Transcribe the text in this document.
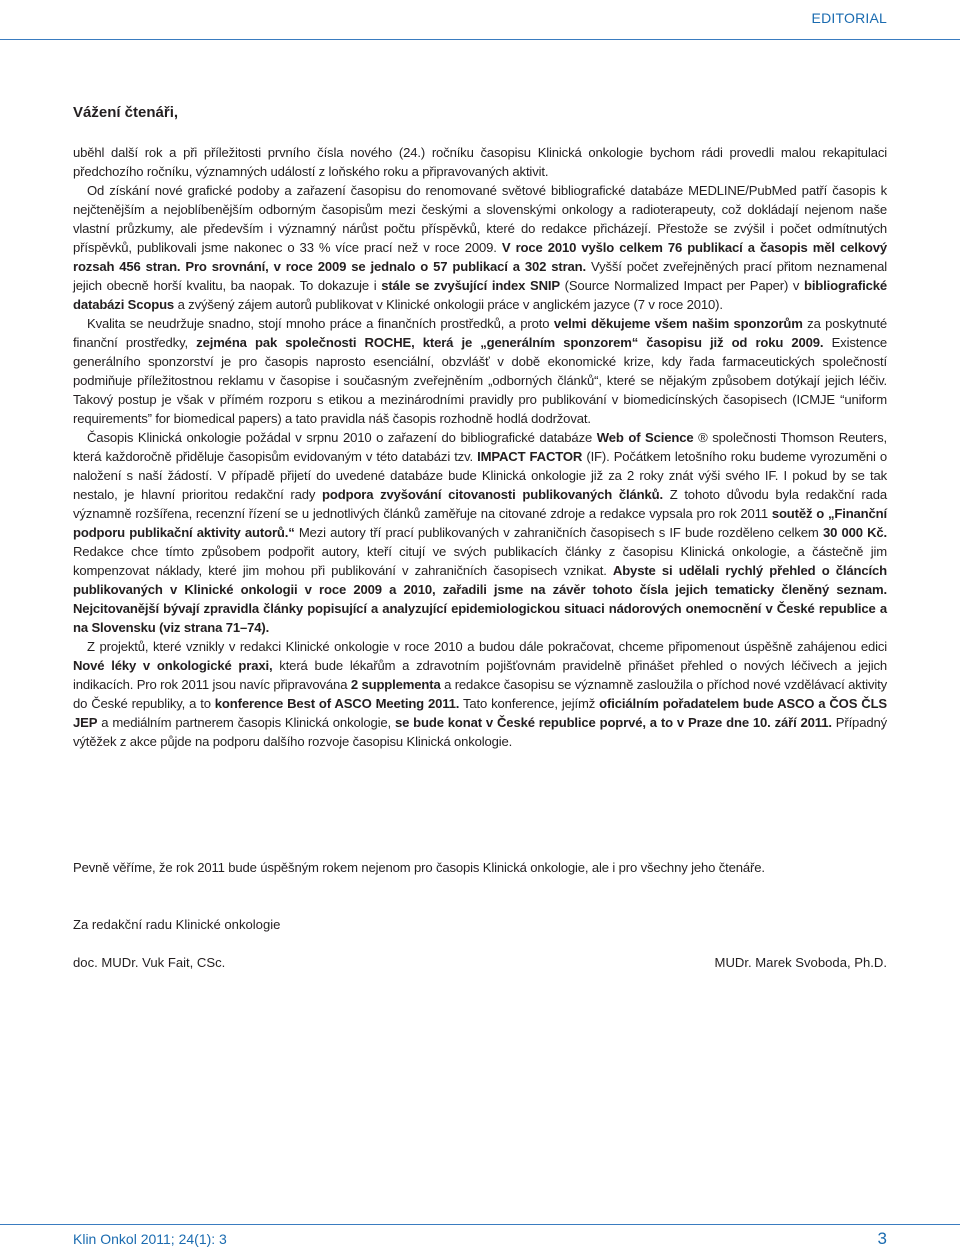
EDITORIAL
Vážení čtenáři,

uběhl další rok a při příležitosti prvního čísla nového (24.) ročníku časopisu Klinická onkologie bychom rádi provedli malou rekapitulaci předchozího ročníku, významných událostí z loňského roku a připravovaných aktivit.

Od získání nové grafické podoby a zařazení časopisu do renomované světové bibliografické databáze MEDLINE/PubMed patří časopis k nejčtenějším a nejoblíbenějším odborným časopisům mezi českými a slovenskými onkology a radioterapeuty, což dokládají nejenom naše vlastní průzkumy, ale především i významný nárůst počtu příspěvků, které do redakce přicházejí. Přestože se zvýšil i počet odmítnutých příspěvků, publikovali jsme nakonec o 33 % více prací než v roce 2009. V roce 2010 vyšlo celkem 76 publikací a časopis měl celkový rozsah 456 stran. Pro srovnání, v roce 2009 se jednalo o 57 publikací a 302 stran. Vyšší počet zveřejněných prací přitom neznamenal jejich obecně horší kvalitu, ba naopak. To dokazuje i stále se zvyšující index SNIP (Source Normalized Impact per Paper) v bibliografické databázi Scopus a zvýšený zájem autorů publikovat v Klinické onkologii práce v anglickém jazyce (7 v roce 2010).

Kvalita se neudržuje snadno, stojí mnoho práce a finančních prostředků, a proto velmi děkujeme všem našim sponzorům za poskytnuté finanční prostředky, zejména pak společnosti ROCHE, která je „generálním sponzorem“ časopisu již od roku 2009. Existence generálního sponzorství je pro časopis naprosto esenciální, obzvlášť v době ekonomické krize, kdy řada farmaceutických společností podmiňuje příležitostnou reklamu v časopise i současným zveřejněním „odborných článků“, které se nějakým způsobem dotýkají jejich léčiv. Takový postup je však v přímém rozporu s etikou a mezinárodními pravidly pro publikování v biomedicínských časopisech (ICMJE “uniform requirements” for biomedical papers) a tato pravidla náš časopis rozhodně hodlá dodržovat.

Časopis Klinická onkologie požádal v srpnu 2010 o zařazení do bibliografické databáze Web of Science ® společnosti Thomson Reuters, která každoročně přiděluje časopisům evidovaným v této databázi tzv. IMPACT FACTOR (IF). Počátkem letošního roku budeme vyrozuměni o naložení s naší žádostí. V případě přijetí do uvedené databáze bude Klinická onkologie již za 2 roky znát výši svého IF. I pokud by se tak nestalo, je hlavní prioritou redakční rady podpora zvyšování citovanosti publikovaných článků. Z tohoto důvodu byla redakční rada významně rozšířena, recenzní řízení se u jednotlivých článků zaměřuje na citované zdroje a redakce vypsala pro rok 2011 soutěž o „Finanční podporu publikační aktivity autorů.“ Mezi autory tří prací publikovaných v zahraničních časopisech s IF bude rozděleno celkem 30 000 Kč. Redakce chce tímto způsobem podpořit autory, kteří citují ve svých publikacích články z časopisu Klinická onkologie, a částečně jim kompenzovat náklady, které jim mohou při publikování v zahraničních časopisech vznikat. Abyste si udělali rychlý přehled o článcích publikovaných v Klinické onkologii v roce 2009 a 2010, zařadili jsme na závěr tohoto čísla jejich tematicky členěný seznam. Nejcitovanější bývají zpravidla články popisující a analyzující epidemiologickou situaci nádorových onemocnění v České republice a na Slovensku (viz strana 71–74).

Z projektů, které vznikly v redakci Klinické onkologie v roce 2010 a budou dále pokračovat, chceme připomenout úspěšně zahájenou edici Nové léky v onkologické praxi, která bude lékařům a zdravotním pojišťovnám pravidelně přinášet přehled o nových léčivech a jejich indikacích. Pro rok 2011 jsou navíc připravována 2 supplementa a redakce časopisu se významně zasloužila o příchod nové vzdělávací aktivity do České republiky, a to konference Best of ASCO Meeting 2011. Tato konference, jejímž oficiálním pořadatelem bude ASCO a ČOS ČLS JEP a mediálním partnerem časopis Klinická onkologie, se bude konat v České republice poprvé, a to v Praze dne 10. září 2011. Případný výtěžek z akce půjde na podporu dalšího rozvoje časopisu Klinická onkologie.

Pevně věříme, že rok 2011 bude úspěšným rokem nejenom pro časopis Klinická onkologie, ale i pro všechny jeho čtenáře.
Za redakční radu Klinické onkologie
doc. MUDr. Vuk Fait, CSc.	MUDr. Marek Svoboda, Ph.D.
Klin Onkol 2011; 24(1): 3	3
